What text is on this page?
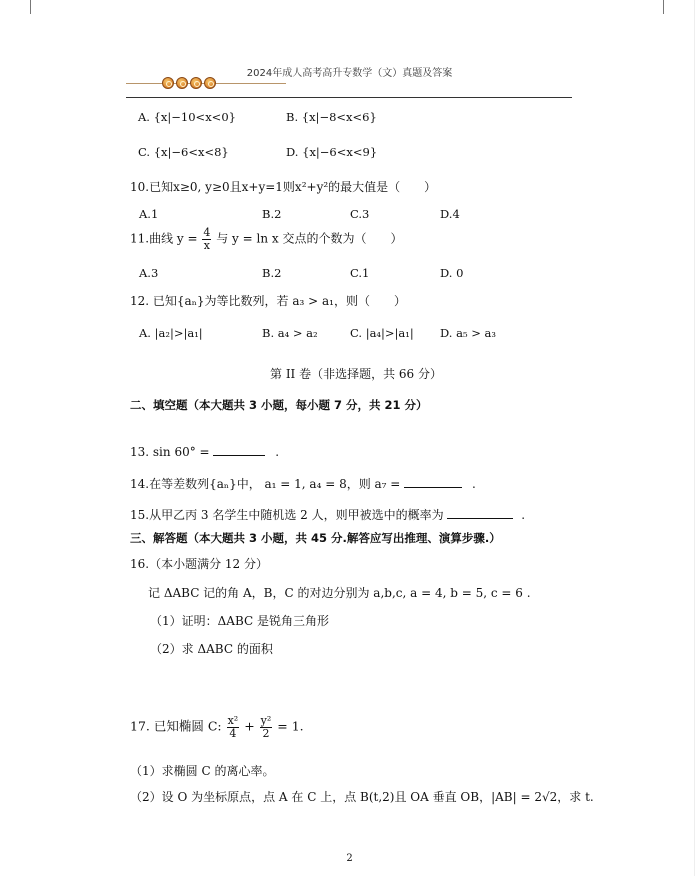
2024年成人高考高升专数学（文）真题及答案
A. {x|−10<x<0}	B. {x|−8<x<6}
C. {x|−6<x<8}	D. {x|−6<x<9}
10.已知x≥0, y≥0且x+y=1则x²+y²的最大值是（　　）
A.1	B.2	C.3	D.4
11.曲线 $y = \frac{4}{x}$ 与 y = ln x 交点的个数为（　　）
A.3	B.2	C.1	D. 0
12. 已知{aₙ}为等比数列，若 a₃ > a₁，则（　　）
A. |a₂|>|a₁|	B. a₄ > a₂	C. |a₄|>|a₁| D. a₅ > a₃
第 II 卷（非选择题，共 66 分）
二、填空题（本大题共 3 小题，每小题 7 分，共 21 分）
13. sin 60° =	.
14.在等差数列{aₙ}中， a₁ = 1, a₄ = 8，则 a₇ =	.
15.从甲乙丙 3 名学生中随机选 2 人，则甲被选中的概率为	.
三、解答题（本大题共 3 小题，共 45 分.解答应写出推理、演算步骤.）
16.（本小题满分 12 分）
记 ΔABC 记的角 A，B，C 的对边分别为 a,b,c, a = 4, b = 5, c = 6 .
（1）证明：ΔABC 是锐角三角形
（2）求 ΔABC 的面积
17. 已知椭圆 C: $\frac{\text{x²}}{4} + \frac{\text{y²}}{2} = 1$.
（1）求椭圆 C 的离心率。
（2）设 O 为坐标原点，点 A 在 C 上，点 B(t,2)且 OA 垂直 OB，|AB| = 2√2，求 t.
2
